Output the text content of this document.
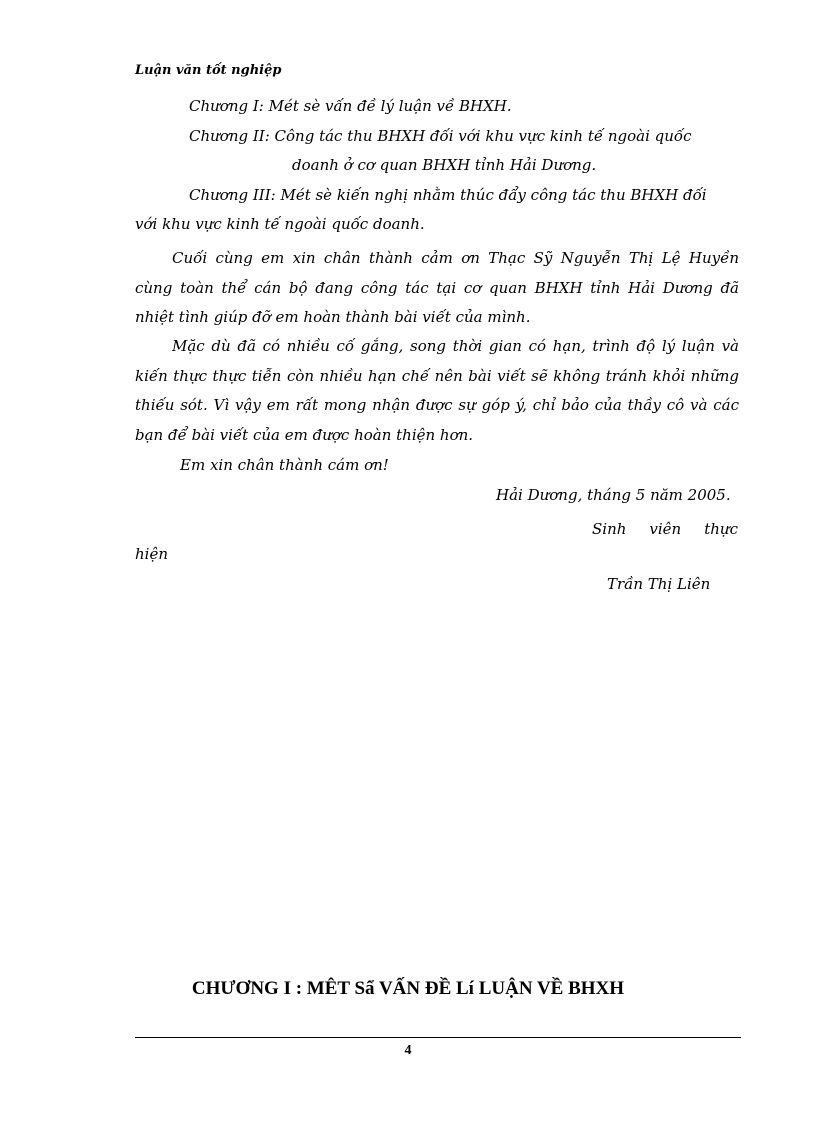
Luận văn tốt nghiệp
Chương I: Mét sè vấn đề lý luận về BHXH.
Chương II: Công tác thu BHXH đối với khu vực kinh tế ngoài quốc
doanh ở cơ quan BHXH tỉnh Hải Dương.
Chương III: Mét sè kiến nghị nhằm thúc đẩy công tác thu BHXH đối
với khu vực kinh tế ngoài quốc doanh.
Cuối cùng em xin chân thành cảm ơn Thạc Sỹ Nguyễn Thị Lệ Huyền
cùng toàn thể cán bộ đang công tác tại cơ quan BHXH tỉnh Hải Dương đã
nhiệt tình giúp đỡ em hoàn thành bài viết của mình.
Mặc dù đã có nhiều cố gắng, song thời gian có hạn, trình độ lý luận và
kiến thực thực tiễn còn nhiều hạn chế nên bài viết sẽ không tránh khỏi những
thiếu sót. Vì vậy em rất mong nhận được sự góp ý, chỉ bảo của thầy cô và các
bạn để bài viết của em được hoàn thiện hơn.
Em xin chân thành cám ơn!
Hải Dương, tháng 5 năm 2005.
Sinh viên thực
hiện
Trần Thị Liên
CHƯƠNG I : MÊT Sẩ VẤN ĐỀ Lí LUẬN VỀ BHXH
4
